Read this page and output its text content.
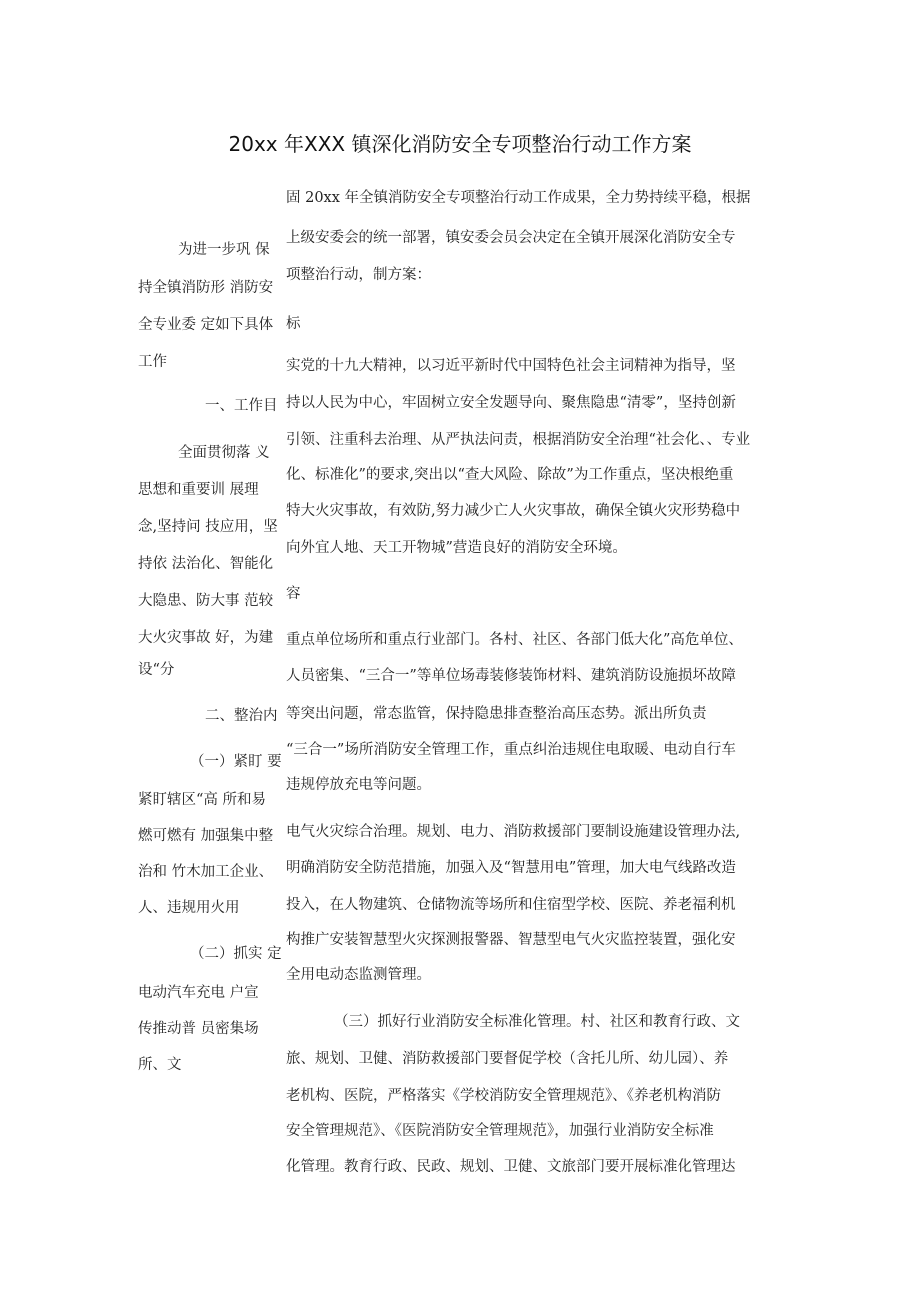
20xx 年XXX 镇深化消防安全专项整治行动工作方案
为进一步巩 保
持全镇消防形 消防安
全专业委 定如下具体
工作
一、工作目
全面贯彻落 义
思想和重要训 展理
念,坚持问 技应用，坚
持依 法治化、智能化
大隐患、防大事 范较
大火灾事故 好，为建
设“分
二、整治内
（一）紧盯 要
紧盯辖区“高 所和易
燃可燃有 加强集中整
治和 竹木加工企业、
人、违规用火用
（二）抓实 定
电动汽车充电 户宣
传推动普 员密集场
所、文
固 20xx 年全镇消防安全专项整治行动工作成果，全力势持续平稳，根据
上级安委会的统一部署，镇安委会员会决定在全镇开展深化消防安全专
项整治行动，制方案：
标
实党的十九大精神，以习近平新时代中国特色社会主词精神为指导，坚
持以人民为中心，牢固树立安全发题导向、聚焦隐患“清零”，坚持创新
引领、注重科去治理、从严执法问责，根据消防安全治理“社会化、、专业
化、标准化”的要求,突出以“查大风险、除故”为工作重点，坚决根绝重
特大火灾事故，有效防,努力减少亡人火灾事故，确保全镇火灾形势稳中
向外宜人地、天工开物城”营造良好的消防安全环境。
容
重点单位场所和重点行业部门。各村、社区、各部门低大化”高危单位、
人员密集、“三合一”等单位场毒装修装饰材料、建筑消防设施损坏故障
等突出问题，常态监管，保持隐患排查整治高压态势。派出所负责
“三合一”场所消防安全管理工作，重点纠治违规住电取暖、电动自行车
违规停放充电等问题。
电气火灾综合治理。规划、电力、消防救援部门要制设施建设管理办法,
明确消防安全防范措施，加强入及“智慧用电”管理，加大电气线路改造
投入，在人物建筑、仓储物流等场所和住宿型学校、医院、养老福利机
构推广安装智慧型火灾探测报警器、智慧型电气火灾监控装置，强化安
全用电动态监测管理。
（三）抓好行业消防安全标准化管理。村、社区和教育行政、文
旅、规划、卫健、消防救援部门要督促学校（含托儿所、幼儿园）、养
老机构、医院，严格落实《学校消防安全管理规范》、《养老机构消防
安全管理规范》、《医院消防安全管理规范》，加强行业消防安全标准
化管理。教育行政、民政、规划、卫健、文旅部门要开展标准化管理达
